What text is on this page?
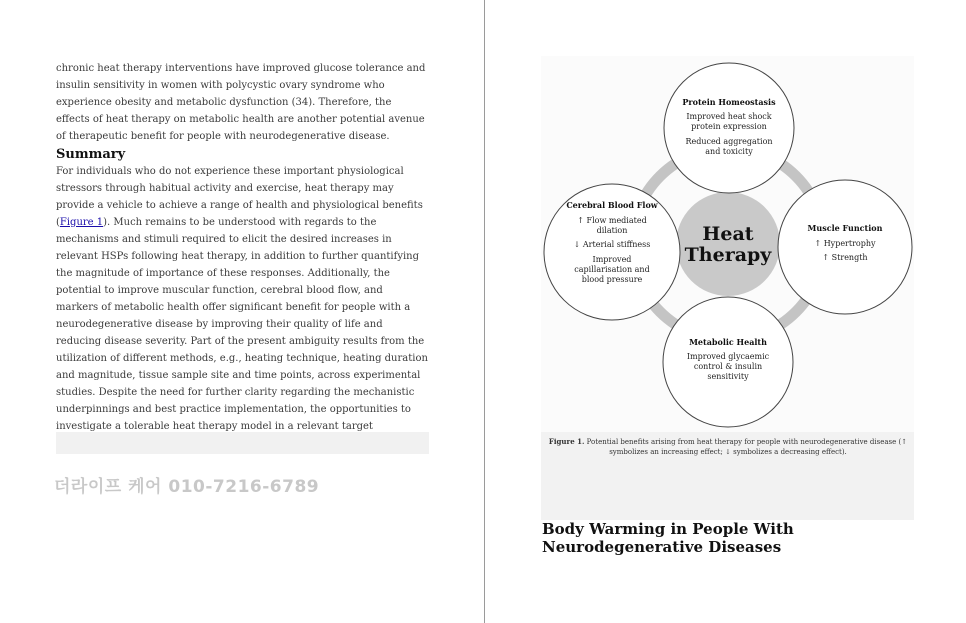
chronic heat therapy interventions have improved glucose tolerance and insulin sensitivity in women with polycystic ovary syndrome who experience obesity and metabolic dysfunction (34). Therefore, the effects of heat therapy on metabolic health are another potential avenue of therapeutic benefit for people with neurodegenerative disease.

Summary

For individuals who do not experience these important physiological stressors through habitual activity and exercise, heat therapy may provide a vehicle to achieve a range of health and physiological benefits (Figure 1). Much remains to be understood with regards to the mechanisms and stimuli required to elicit the desired increases in relevant HSPs following heat therapy, in addition to further quantifying the magnitude of importance of these responses. Additionally, the potential to improve muscular function, cerebral blood flow, and markers of metabolic health offer significant benefit for people with a neurodegenerative disease by improving their quality of life and reducing disease severity. Part of the present ambiguity results from the utilization of different methods, e.g., heating technique, heating duration and magnitude, tissue sample site and time points, across experimental studies. Despite the need for further clarity regarding the mechanistic underpinnings and best practice implementation, the opportunities to investigate a tolerable heat therapy model in a relevant target

더라이프 케어 010-7216-6789
Heat
Therapy
Protein Homeostasis
Improved heat shock
protein expression
Reduced aggregation
and toxicity
Cerebral Blood Flow
↑ Flow mediated
dilation
↓ Arterial stiffness
Improved
capillarisation and
blood pressure
Muscle Function
↑ Hypertrophy
↑ Strength
Metabolic Health
Improved glycaemic
control & insulin
sensitivity
Figure 1. Potential benefits arising from heat therapy for people with neurodegenerative disease (↑ symbolizes an increasing effect; ↓ symbolizes a decreasing effect).
Body Warming in People With Neurodegenerative Diseases
